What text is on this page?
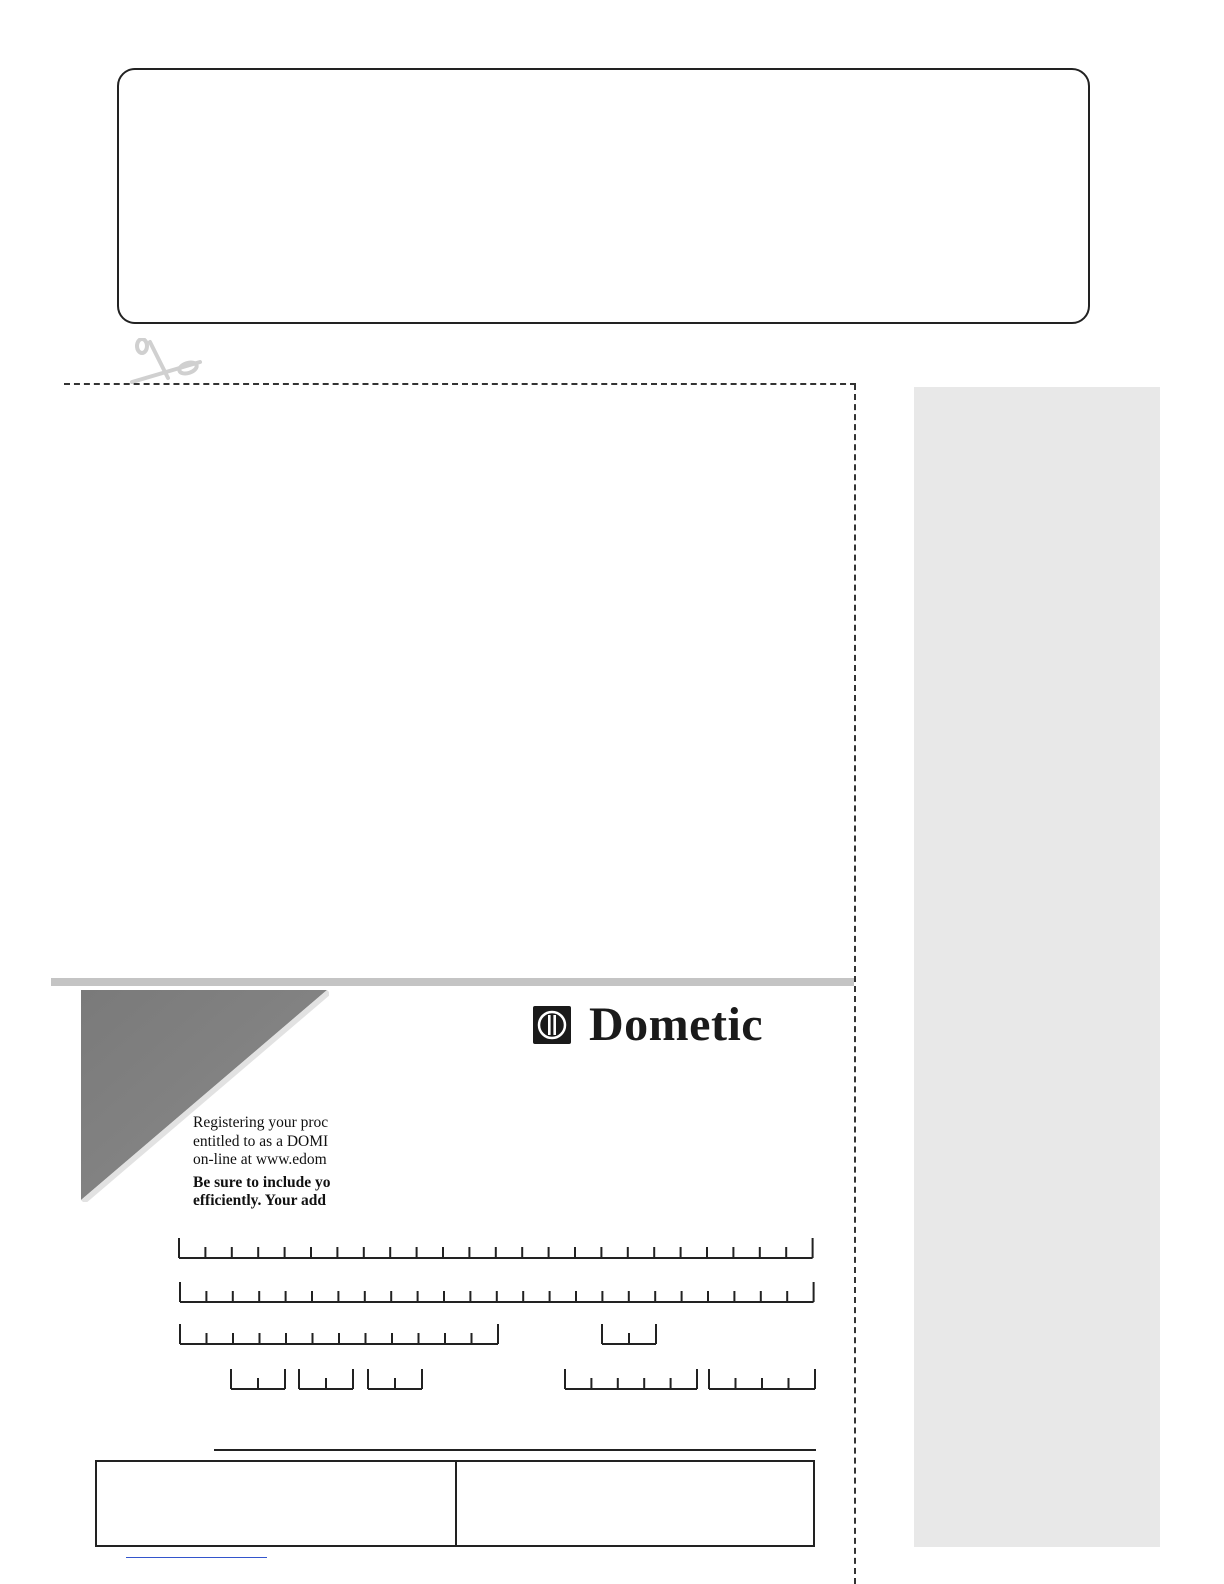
Dometic
Registering your proc
entitled to as a DOMI
on-line at www.edom
Be sure to include yo
efficiently. Your add
